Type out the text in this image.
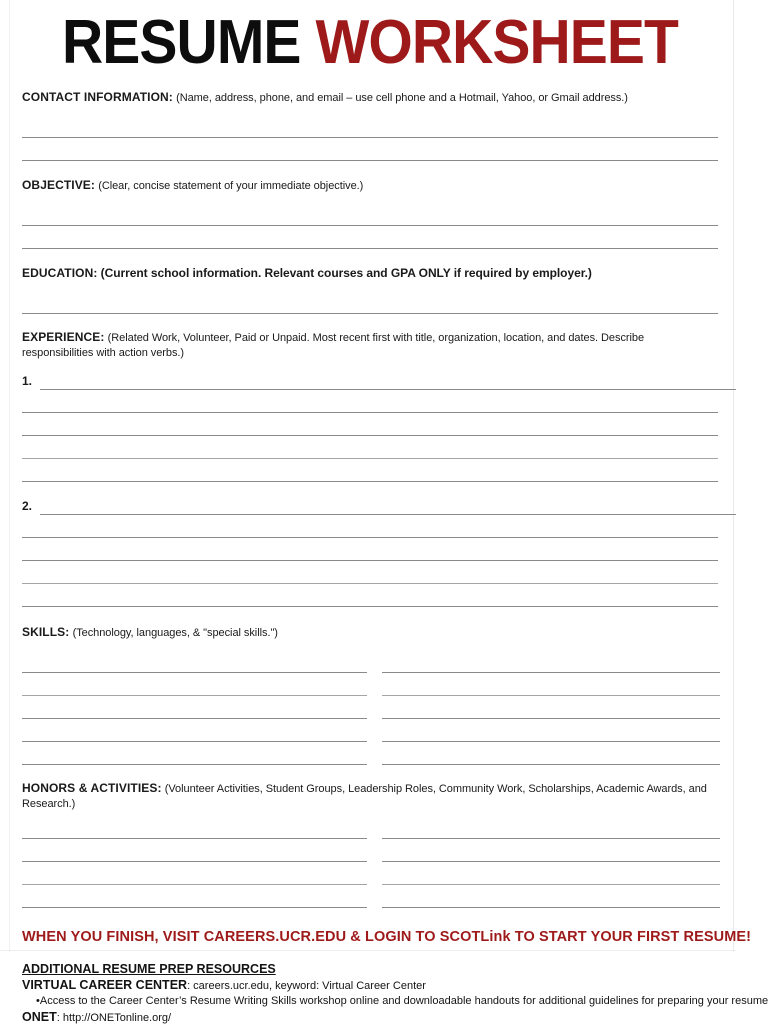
RESUME WORKSHEET

CONTACT INFORMATION: (Name, address, phone, and email – use cell phone and a Hotmail, Yahoo, or Gmail address.)

OBJECTIVE: (Clear, concise statement of your immediate objective.)

EDUCATION: (Current school information. Relevant courses and GPA ONLY if required by employer.)

EXPERIENCE: (Related Work, Volunteer, Paid or Unpaid. Most recent first with title, organization, location, and dates. Describe responsibilities with action verbs.)

1.
2.

SKILLS: (Technology, languages, & "special skills.")

HONORS & ACTIVITIES: (Volunteer Activities, Student Groups, Leadership Roles, Community Work, Scholarships, Academic Awards, and Research.)

WHEN YOU FINISH, VISIT CAREERS.UCR.EDU & LOGIN TO SCOTLink TO START YOUR FIRST RESUME!

ADDITIONAL RESUME PREP RESOURCES

VIRTUAL CAREER CENTER: careers.ucr.edu, keyword: Virtual Career Center

•Access to the Career Center’s Resume Writing Skills workshop online and downloadable handouts for additional guidelines for preparing your resume

ONET: http://ONETonline.org/
